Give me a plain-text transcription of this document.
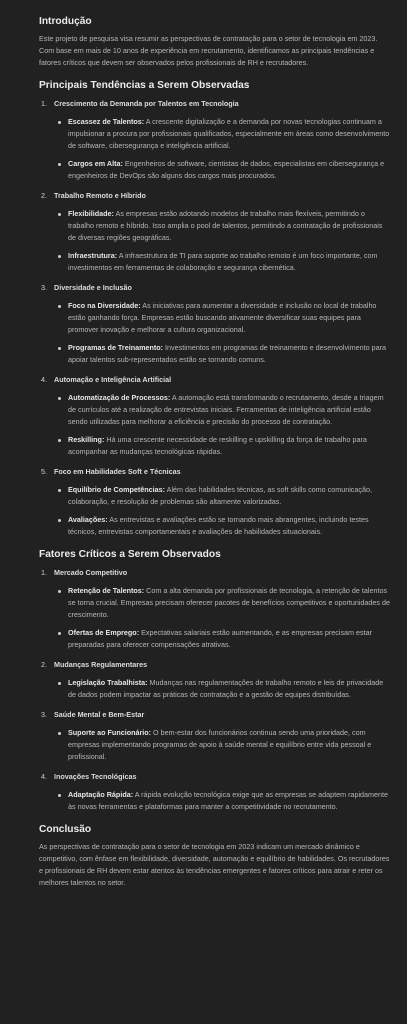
Introdução

Este projeto de pesquisa visa resumir as perspectivas de contratação para o setor de tecnologia em 2023. Com base em mais de 10 anos de experiência em recrutamento, identificamos as principais tendências e fatores críticos que devem ser observados pelos profissionais de RH e recrutadores.

Principais Tendências a Serem Observadas
1. Crescimento da Demanda por Talentos em Tecnologia
Escassez de Talentos: A crescente digitalização e a demanda por novas tecnologias continuam a impulsionar a procura por profissionais qualificados, especialmente em áreas como desenvolvimento de software, cibersegurança e inteligência artificial.
Cargos em Alta: Engenheiros de software, cientistas de dados, especialistas em cibersegurança e engenheiros de DevOps são alguns dos cargos mais procurados.
2. Trabalho Remoto e Híbrido
Flexibilidade: As empresas estão adotando modelos de trabalho mais flexíveis, permitindo o trabalho remoto e híbrido. Isso amplia o pool de talentos, permitindo a contratação de profissionais de diversas regiões geográficas.
Infraestrutura: A infraestrutura de TI para suporte ao trabalho remoto é um foco importante, com investimentos em ferramentas de colaboração e segurança cibernética.
3. Diversidade e Inclusão
Foco na Diversidade: As iniciativas para aumentar a diversidade e inclusão no local de trabalho estão ganhando força. Empresas estão buscando ativamente diversificar suas equipes para promover inovação e melhorar a cultura organizacional.
Programas de Treinamento: Investimentos em programas de treinamento e desenvolvimento para apoiar talentos sub-representados estão se tornando comuns.
4. Automação e Inteligência Artificial
Automatização de Processos: A automação está transformando o recrutamento, desde a triagem de currículos até a realização de entrevistas iniciais. Ferramentas de inteligência artificial estão sendo utilizadas para melhorar a eficiência e precisão do processo de contratação.
Reskilling: Há uma crescente necessidade de reskilling e upskilling da força de trabalho para acompanhar as mudanças tecnológicas rápidas.
5. Foco em Habilidades Soft e Técnicas
Equilíbrio de Competências: Além das habilidades técnicas, as soft skills como comunicação, colaboração, e resolução de problemas são altamente valorizadas.
Avaliações: As entrevistas e avaliações estão se tornando mais abrangentes, incluindo testes técnicos, entrevistas comportamentais e avaliações de habilidades situacionais.
Fatores Críticos a Serem Observados
1. Mercado Competitivo
Retenção de Talentos: Com a alta demanda por profissionais de tecnologia, a retenção de talentos se torna crucial. Empresas precisam oferecer pacotes de benefícios competitivos e oportunidades de crescimento.
Ofertas de Emprego: Expectativas salariais estão aumentando, e as empresas precisam estar preparadas para oferecer compensações atrativas.
2. Mudanças Regulamentares
Legislação Trabalhista: Mudanças nas regulamentações de trabalho remoto e leis de privacidade de dados podem impactar as práticas de contratação e a gestão de equipes distribuídas.
3. Saúde Mental e Bem-Estar
Suporte ao Funcionário: O bem-estar dos funcionários continua sendo uma prioridade, com empresas implementando programas de apoio à saúde mental e equilíbrio entre vida pessoal e profissional.
4. Inovações Tecnológicas
Adaptação Rápida: A rápida evolução tecnológica exige que as empresas se adaptem rapidamente às novas ferramentas e plataformas para manter a competitividade no recrutamento.
Conclusão

As perspectivas de contratação para o setor de tecnologia em 2023 indicam um mercado dinâmico e competitivo, com ênfase em flexibilidade, diversidade, automação e equilíbrio de habilidades. Os recrutadores e profissionais de RH devem estar atentos às tendências emergentes e fatores críticos para atrair e reter os melhores talentos no setor.
